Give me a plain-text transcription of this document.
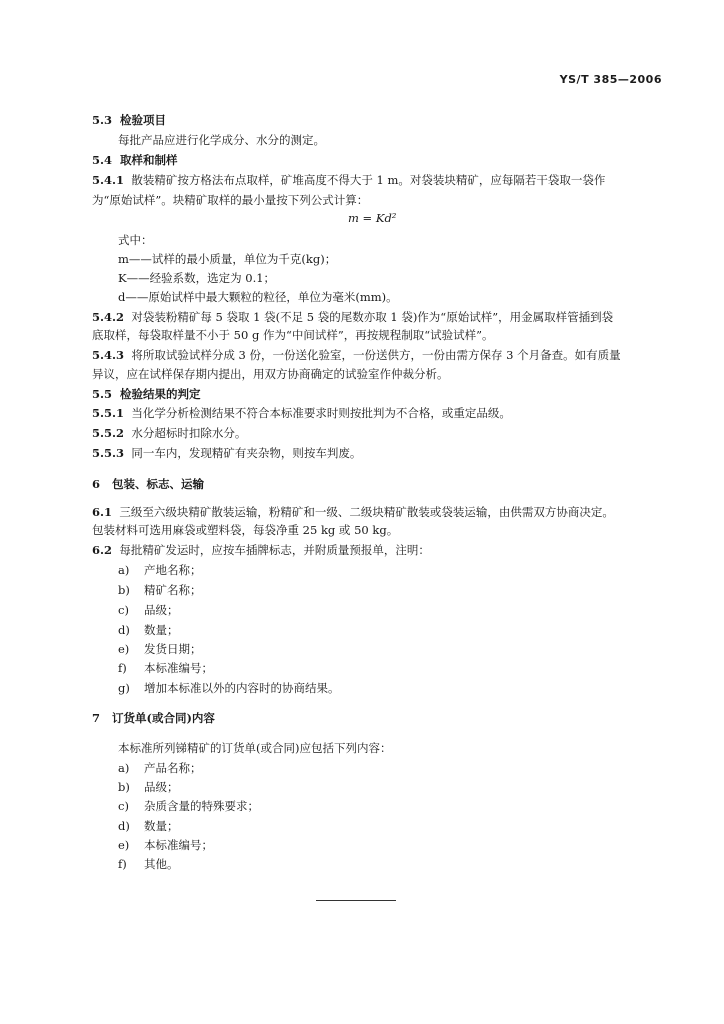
YS/T 385—2006
5.3 检验项目
每批产品应进行化学成分、水分的测定。
5.4 取样和制样
5.4.1 散装精矿按方格法布点取样，矿堆高度不得大于 1 m。对袋装块精矿，应每隔若干袋取一袋作
为“原始试样”。块精矿取样的最小量按下列公式计算：
m = Kd²
式中：
m——试样的最小质量，单位为千克(kg)；
K——经验系数，选定为 0.1；
d——原始试样中最大颗粒的粒径，单位为毫米(mm)。
5.4.2 对袋装粉精矿每 5 袋取 1 袋(不足 5 袋的尾数亦取 1 袋)作为“原始试样”，用金属取样管插到袋
底取样，每袋取样量不小于 50 g 作为“中间试样”，再按规程制取“试验试样”。
5.4.3 将所取试验试样分成 3 份，一份送化验室，一份送供方，一份由需方保存 3 个月备查。如有质量
异议，应在试样保存期内提出，用双方协商确定的试验室作仲裁分析。
5.5 检验结果的判定
5.5.1 当化学分析检测结果不符合本标准要求时则按批判为不合格，或重定品级。
5.5.2 水分超标时扣除水分。
5.5.3 同一车内，发现精矿有夹杂物，则按车判废。
6 包装、标志、运输
6.1 三级至六级块精矿散装运输，粉精矿和一级、二级块精矿散装或袋装运输，由供需双方协商决定。
包装材料可选用麻袋或塑料袋，每袋净重 25 kg 或 50 kg。
6.2 每批精矿发运时，应按车插牌标志，并附质量预报单，注明：
a) 产地名称；
b) 精矿名称；
c) 品级；
d) 数量；
e) 发货日期；
f) 本标准编号；
g) 增加本标准以外的内容时的协商结果。
7 订货单(或合同)内容
本标准所列锑精矿的订货单(或合同)应包括下列内容：
a) 产品名称；
b) 品级；
c) 杂质含量的特殊要求；
d) 数量；
e) 本标准编号；
f) 其他。
